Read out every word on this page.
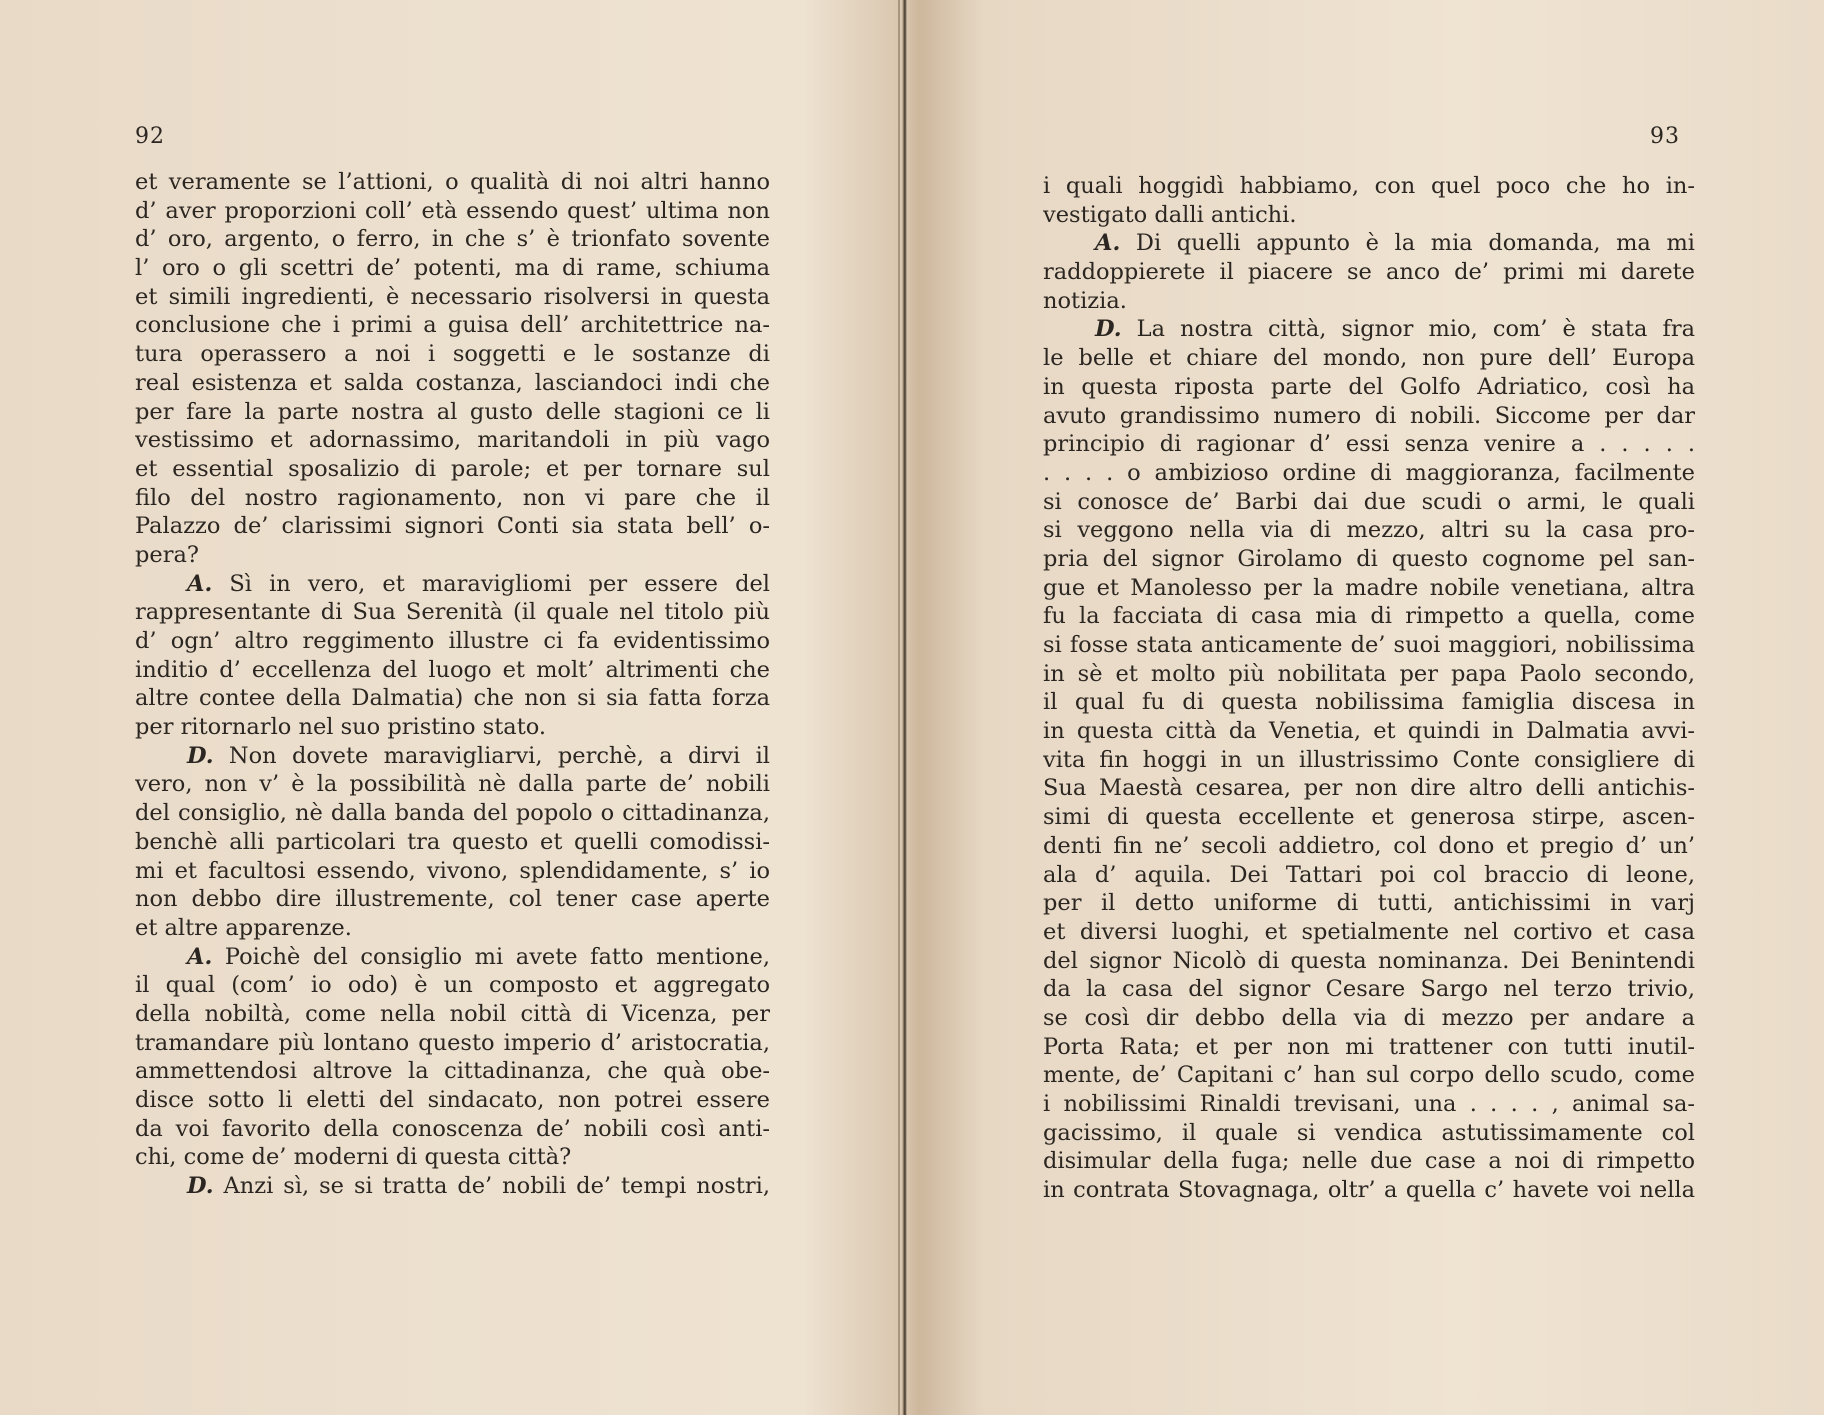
92
et veramente se l’attioni, o qualità di noi altri hanno
d’ aver proporzioni coll’ età essendo quest’ ultima non
d’ oro, argento, o ferro, in che s’ è trionfato sovente
l’ oro o gli scettri de’ potenti, ma di rame, schiuma
et simili ingredienti, è necessario risolversi in questa
conclusione che i primi a guisa dell’ architettrice na-
tura operassero a noi i soggetti e le sostanze di
real esistenza et salda costanza, lasciandoci indi che
per fare la parte nostra al gusto delle stagioni ce li
vestissimo et adornassimo, maritandoli in più vago
et essential sposalizio di parole; et per tornare sul
filo del nostro ragionamento, non vi pare che il
Palazzo de’ clarissimi signori Conti sia stata bell’ o-
pera?
A. Sì in vero, et maravigliomi per essere del
rappresentante di Sua Serenità (il quale nel titolo più
d’ ogn’ altro reggimento illustre ci fa evidentissimo
inditio d’ eccellenza del luogo et molt’ altrimenti che
altre contee della Dalmatia) che non si sia fatta forza
per ritornarlo nel suo pristino stato.
D. Non dovete maravigliarvi, perchè, a dirvi il
vero, non v’ è la possibilità nè dalla parte de’ nobili
del consiglio, nè dalla banda del popolo o cittadinanza,
benchè alli particolari tra questo et quelli comodissi-
mi et facultosi essendo, vivono, splendidamente, s’ io
non debbo dire illustremente, col tener case aperte
et altre apparenze.
A. Poichè del consiglio mi avete fatto mentione,
il qual (com’ io odo) è un composto et aggregato
della nobiltà, come nella nobil città di Vicenza, per
tramandare più lontano questo imperio d’ aristocratia,
ammettendosi altrove la cittadinanza, che quà obe-
disce sotto li eletti del sindacato, non potrei essere
da voi favorito della conoscenza de’ nobili così anti-
chi, come de’ moderni di questa città?
D. Anzi sì, se si tratta de’ nobili de’ tempi nostri,
93
i quali hoggidì habbiamo, con quel poco che ho in-
vestigato dalli antichi.
A. Di quelli appunto è la mia domanda, ma mi
raddoppierete il piacere se anco de’ primi mi darete
notizia.
D. La nostra città, signor mio, com’ è stata fra
le belle et chiare del mondo, non pure dell’ Europa
in questa riposta parte del Golfo Adriatico, così ha
avuto grandissimo numero di nobili. Siccome per dar
principio di ragionar d’ essi senza venire a . . . . .
. . . . o ambizioso ordine di maggioranza, facilmente
si conosce de’ Barbi dai due scudi o armi, le quali
si veggono nella via di mezzo, altri su la casa pro-
pria del signor Girolamo di questo cognome pel san-
gue et Manolesso per la madre nobile venetiana, altra
fu la facciata di casa mia di rimpetto a quella, come
si fosse stata anticamente de’ suoi maggiori, nobilissima
in sè et molto più nobilitata per papa Paolo secondo,
il qual fu di questa nobilissima famiglia discesa in
in questa città da Venetia, et quindi in Dalmatia avvi-
vita fin hoggi in un illustrissimo Conte consigliere di
Sua Maestà cesarea, per non dire altro delli antichis-
simi di questa eccellente et generosa stirpe, ascen-
denti fin ne’ secoli addietro, col dono et pregio d’ un’
ala d’ aquila. Dei Tattari poi col braccio di leone,
per il detto uniforme di tutti, antichissimi in varj
et diversi luoghi, et spetialmente nel cortivo et casa
del signor Nicolò di questa nominanza. Dei Benintendi
da la casa del signor Cesare Sargo nel terzo trivio,
se così dir debbo della via di mezzo per andare a
Porta Rata; et per non mi trattener con tutti inutil-
mente, de’ Capitani c’ han sul corpo dello scudo, come
i nobilissimi Rinaldi trevisani, una . . . . , animal sa-
gacissimo, il quale si vendica astutissimamente col
disimular della fuga; nelle due case a noi di rimpetto
in contrata Stovagnaga, oltr’ a quella c’ havete voi nella
